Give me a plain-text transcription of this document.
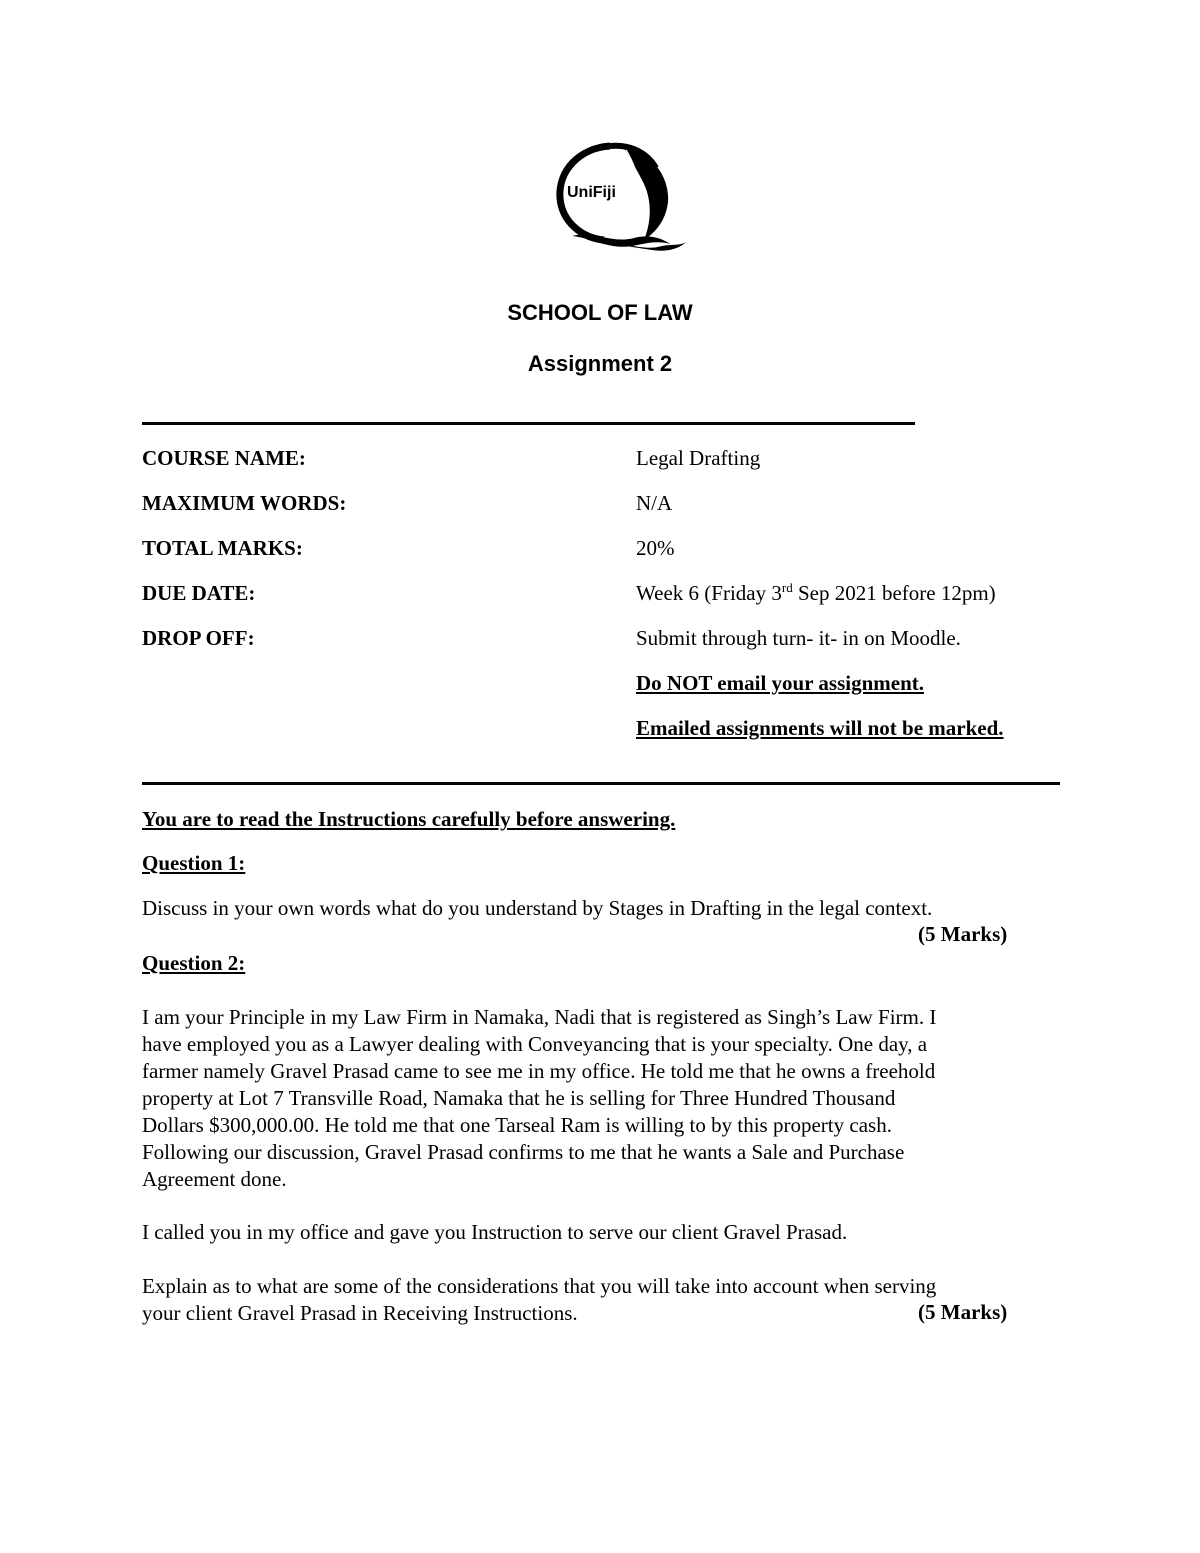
UniFiji
SCHOOL OF LAW
Assignment 2
COURSE NAME:	Legal Drafting
MAXIMUM WORDS:	N/A
TOTAL MARKS:	20%
DUE DATE:	Week 6 (Friday 3rd Sep 2021 before 12pm)
DROP OFF:	Submit through turn- it- in on Moodle.
Do NOT email your assignment.
Emailed assignments will not be marked.
You are to read the Instructions carefully before answering.
Question 1:
Discuss in your own words what do you understand by Stages in Drafting in the legal context.
(5 Marks)
Question 2:
I am your Principle in my Law Firm in Namaka, Nadi that is registered as Singh’s Law Firm. I
have employed you as a Lawyer dealing with Conveyancing that is your specialty. One day, a
farmer namely Gravel Prasad came to see me in my office. He told me that he owns a freehold
property at Lot 7 Transville Road, Namaka that he is selling for Three Hundred Thousand
Dollars $300,000.00. He told me that one Tarseal Ram is willing to by this property cash.
Following our discussion, Gravel Prasad confirms to me that he wants a Sale and Purchase
Agreement done.
I called you in my office and gave you Instruction to serve our client Gravel Prasad.
Explain as to what are some of the considerations that you will take into account when serving
your client Gravel Prasad in Receiving Instructions.	(5 Marks)
